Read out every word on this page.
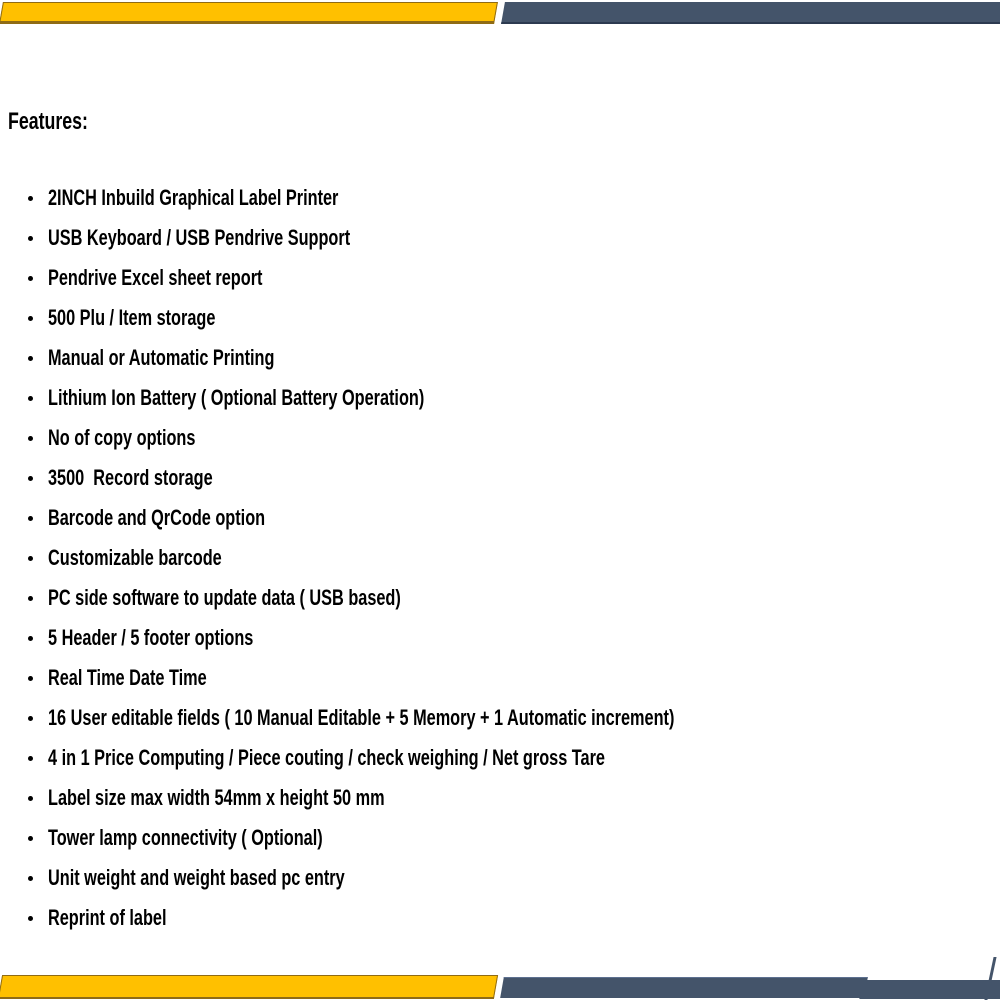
Features:
2INCH Inbuild Graphical Label Printer
USB Keyboard / USB Pendrive Support
Pendrive Excel sheet report
500 Plu / Item storage
Manual or Automatic Printing
Lithium Ion Battery ( Optional Battery Operation)
No of copy options
3500  Record storage
Barcode and QrCode option
Customizable barcode
PC side software to update data ( USB based)
5 Header / 5 footer options
Real Time Date Time
16 User editable fields ( 10 Manual Editable + 5 Memory + 1 Automatic increment)
4 in 1 Price Computing / Piece couting / check weighing / Net gross Tare
Label size max width 54mm x height 50 mm
Tower lamp connectivity ( Optional)
Unit weight and weight based pc entry
Reprint of label
